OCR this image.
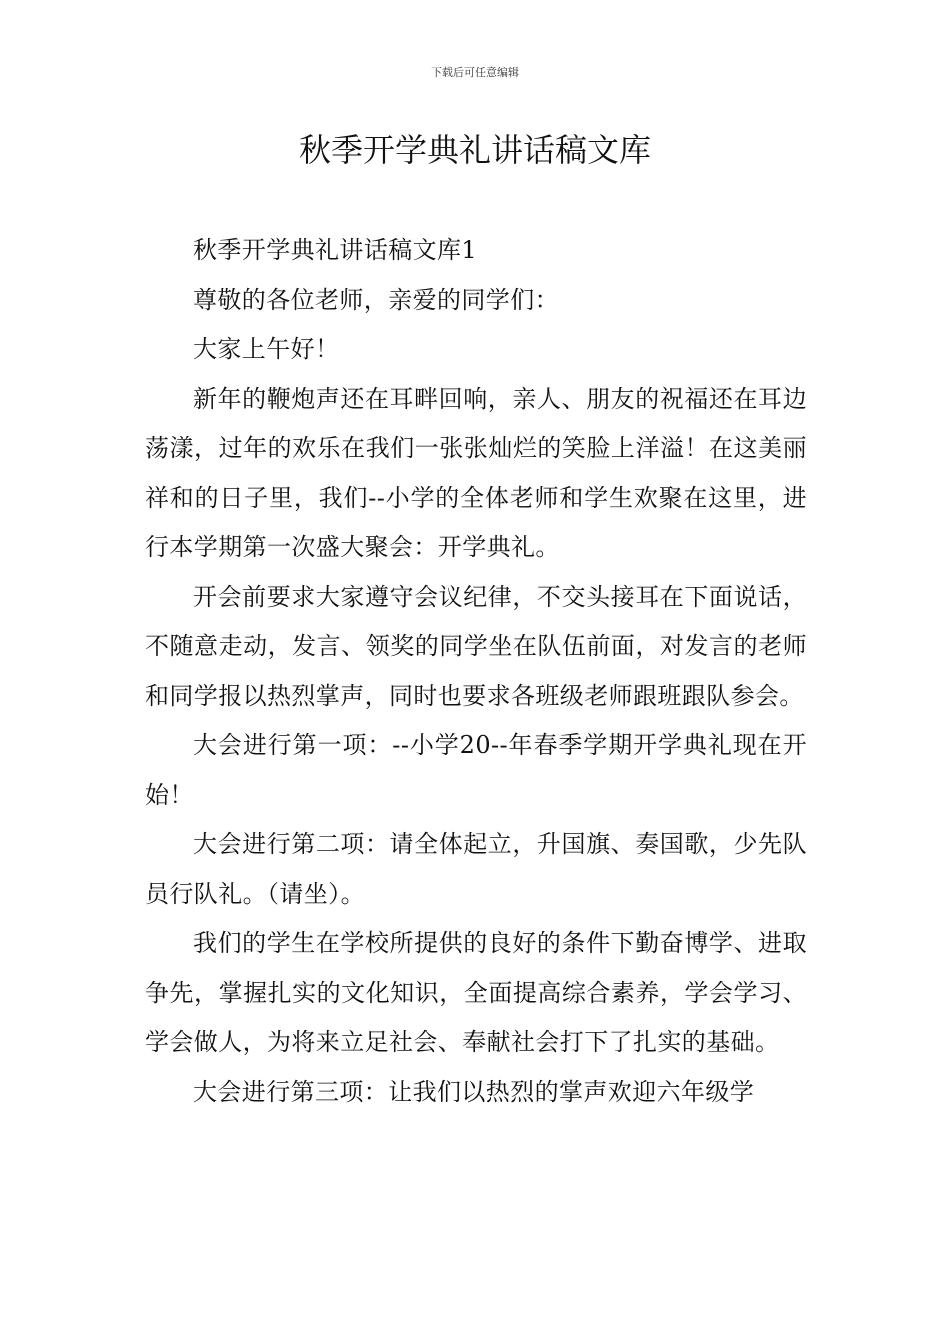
下载后可任意编辑
秋季开学典礼讲话稿文库

秋季开学典礼讲话稿文库1

尊敬的各位老师，亲爱的同学们：

大家上午好！

新年的鞭炮声还在耳畔回响，亲人、朋友的祝福还在耳边荡漾，过年的欢乐在我们一张张灿烂的笑脸上洋溢！在这美丽祥和的日子里，我们--小学的全体老师和学生欢聚在这里，进行本学期第一次盛大聚会：开学典礼。

开会前要求大家遵守会议纪律，不交头接耳在下面说话，不随意走动，发言、领奖的同学坐在队伍前面，对发言的老师和同学报以热烈掌声，同时也要求各班级老师跟班跟队参会。

大会进行第一项：--小学20--年春季学期开学典礼现在开始！

大会进行第二项：请全体起立，升国旗、奏国歌，少先队员行队礼。（请坐）。

我们的学生在学校所提供的良好的条件下勤奋博学、进取争先，掌握扎实的文化知识，全面提高综合素养，学会学习、学会做人，为将来立足社会、奉献社会打下了扎实的基础。

大会进行第三项：让我们以热烈的掌声欢迎六年级学
